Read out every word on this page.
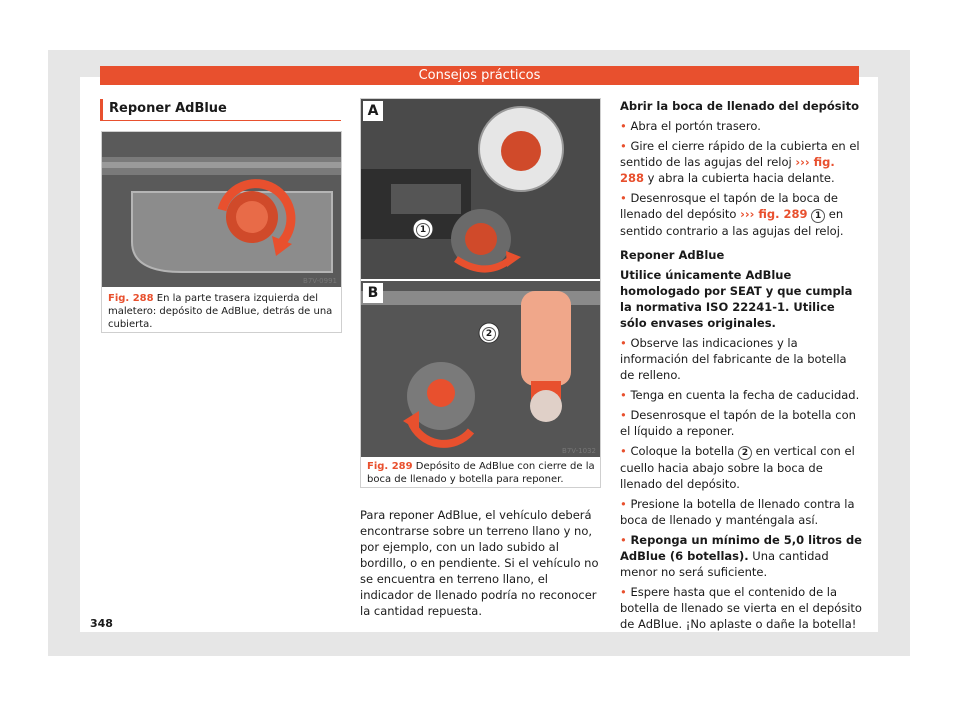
Consejos prácticos
Reponer AdBlue
B7V-0991
Fig. 288 En la parte trasera izquierda del maletero: depósito de AdBlue, detrás de una cubierta.
A
1
B
2
B7V-1032
Fig. 289 Depósito de AdBlue con cierre de la boca de llenado y botella para reponer.
Para reponer AdBlue, el vehículo deberá encontrarse sobre un terreno llano y no, por ejemplo, con un lado subido al bordillo, o en pendiente. Si el vehículo no se encuentra en terreno llano, el indicador de llenado podría no reconocer la cantidad repuesta.

Abrir la boca de llenado del depósito

• Abra el portón trasero.

• Gire el cierre rápido de la cubierta en el sentido de las agujas del reloj ››› fig. 288 y abra la cubierta hacia delante.

• Desenrosque el tapón de la boca de llenado del depósito ››› fig. 289 1 en sentido contrario a las agujas del reloj.

Reponer AdBlue

Utilice únicamente AdBlue homologado por SEAT y que cumpla la normativa ISO 22241-1. Utilice sólo envases originales.

• Observe las indicaciones y la información del fabricante de la botella de relleno.

• Tenga en cuenta la fecha de caducidad.

• Desenrosque el tapón de la botella con el líquido a reponer.

• Coloque la botella 2 en vertical con el cuello hacia abajo sobre la boca de llenado del depósito.

• Presione la botella de llenado contra la boca de llenado y manténgala así.

• Reponga un mínimo de 5,0 litros de AdBlue (6 botellas). Una cantidad menor no será suficiente.

• Espere hasta que el contenido de la botella de llenado se vierta en el depósito de AdBlue. ¡No aplaste o dañe la botella!

348
